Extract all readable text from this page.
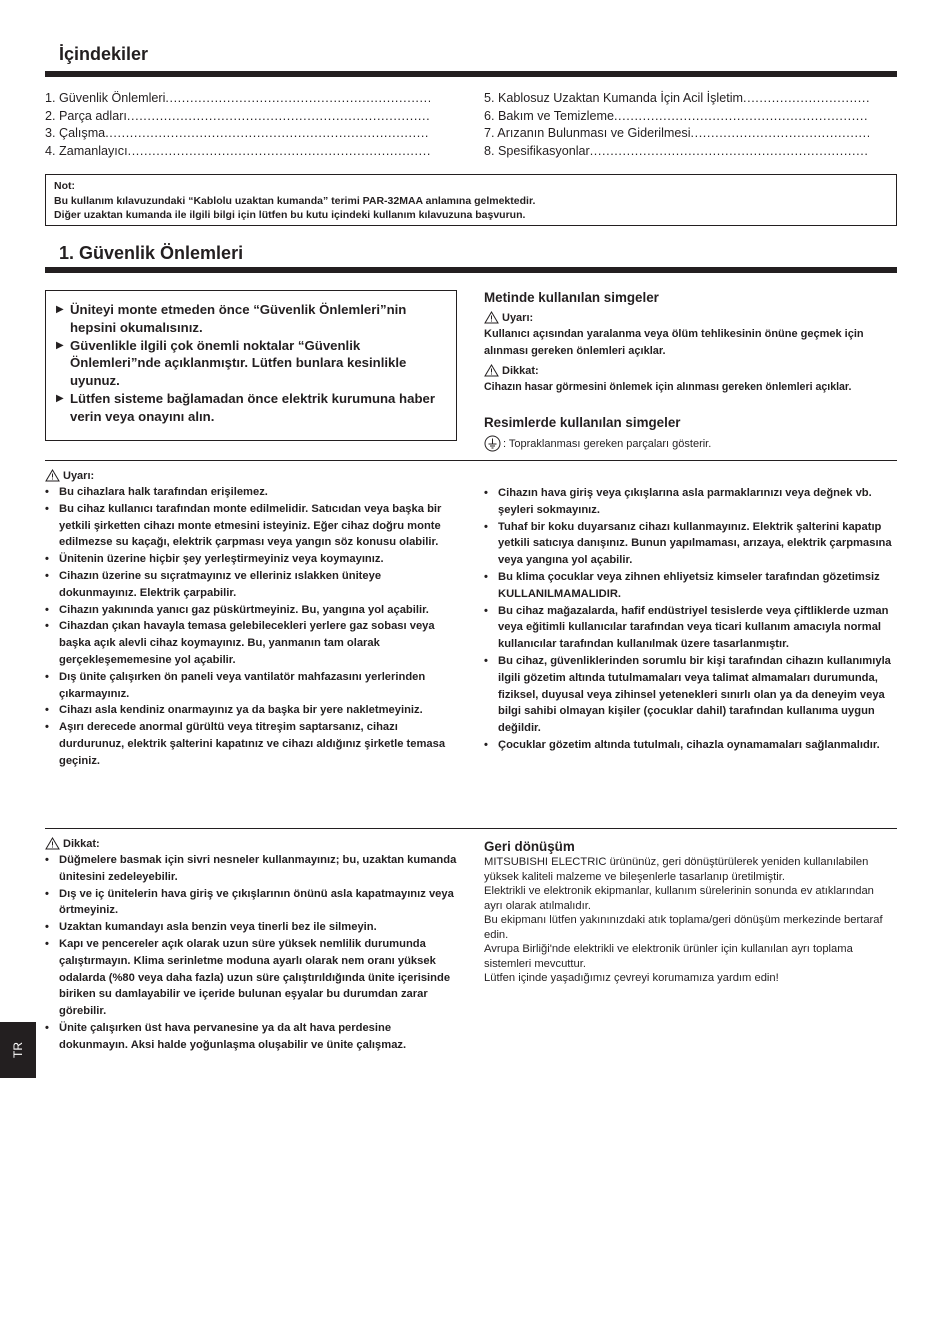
İçindekiler
1. Güvenlik Önlemleri
.....
2. Parça adları
.....
3. Çalışma
.....
4. Zamanlayıcı
.....
5. Kablosuz Uzaktan Kumanda İçin Acil İşletim
.....
6. Bakım ve Temizleme
.....
7. Arızanın Bulunması ve Giderilmesi
.....
8. Spesifikasyonlar
.....
Not:
Bu kullanım kılavuzundaki “Kablolu uzaktan kumanda” terimi PAR-32MAA anlamına gelmektedir.
Diğer uzaktan kumanda ile ilgili bilgi için lütfen bu kutu içindeki kullanım kılavuzuna başvurun.
1. Güvenlik Önlemleri
▶ Üniteyi monte etmeden önce “Güvenlik Önlemleri”nin hepsini okumalısınız.
▶ Güvenlikle ilgili çok önemli noktalar “Güvenlik Önlemleri”nde açıklanmıştır. Lütfen bunlara kesinlikle uyunuz.
▶ Lütfen sisteme bağlamadan önce elektrik kurumuna haber verin veya onayını alın.
Metinde kullanılan simgeler
Uyarı:
Kullanıcı açısından yaralanma veya ölüm tehlikesinin önüne geçmek için alınması gereken önlemleri açıklar.
Dikkat:
Cihazın hasar görmesini önlemek için alınması gereken önlemleri açıklar.
Resimlerde kullanılan simgeler
: Topraklanması gereken parçaları gösterir.
Uyarı:
• Bu cihazlara halk tarafından erişilemez.
• Bu cihaz kullanıcı tarafından monte edilmelidir. Satıcıdan veya başka bir yetkili şirketten cihazı monte etmesini isteyiniz. Eğer cihaz doğru monte edilmezse su kaçağı, elektrik çarpması veya yangın söz konusu olabilir.
• Ünitenin üzerine hiçbir şey yerleştirmeyiniz veya koymayınız.
• Cihazın üzerine su sıçratmayınız ve elleriniz ıslakken üniteye dokunmayınız. Elektrik çarpabilir.
• Cihazın yakınında yanıcı gaz püskürtmeyiniz. Bu, yangına yol açabilir.
• Cihazdan çıkan havayla temasa gelebilecekleri yerlere gaz sobası veya başka açık alevli cihaz koymayınız. Bu, yanmanın tam olarak gerçekleşememesine yol açabilir.
• Dış ünite çalışırken ön paneli veya vantilatör mahfazasını yerlerinden çıkarmayınız.
• Cihazı asla kendiniz onarmayınız ya da başka bir yere nakletmeyiniz.
• Aşırı derecede anormal gürültü veya titreşim saptarsanız, cihazı durdurunuz, elektrik şalterini kapatınız ve cihazı aldığınız şirketle temasa geçiniz.
• Cihazın hava giriş veya çıkışlarına asla parmaklarınızı veya değnek vb. şeyleri sokmayınız.
• Tuhaf bir koku duyarsanız cihazı kullanmayınız. Elektrik şalterini kapatıp yetkili satıcıya danışınız. Bunun yapılmaması, arızaya, elektrik çarpmasına veya yangına yol açabilir.
• Bu klima çocuklar veya zihnen ehliyetsiz kimseler tarafından gözetimsiz KULLANILMAMALIDIR.
• Bu cihaz mağazalarda, hafif endüstriyel tesislerde veya çiftliklerde uzman veya eğitimli kullanıcılar tarafından veya ticari kullanım amacıyla normal kullanıcılar tarafından kullanılmak üzere tasarlanmıştır.
• Bu cihaz, güvenliklerinden sorumlu bir kişi tarafından cihazın kullanımıyla ilgili gözetim altında tutulmamaları veya talimat almamaları durumunda, fiziksel, duyusal veya zihinsel yetenekleri sınırlı olan ya da deneyim veya bilgi sahibi olmayan kişiler (çocuklar dahil) tarafından kullanıma uygun değildir.
• Çocuklar gözetim altında tutulmalı, cihazla oynamamaları sağlanmalıdır.
Dikkat:
• Düğmelere basmak için sivri nesneler kullanmayınız; bu, uzaktan kumanda ünitesini zedeleyebilir.
• Dış ve iç ünitelerin hava giriş ve çıkışlarının önünü asla kapatmayınız veya örtmeyiniz.
• Uzaktan kumandayı asla benzin veya tinerli bez ile silmeyin.
• Kapı ve pencereler açık olarak uzun süre yüksek nemlilik durumunda çalıştırmayın. Klima serinletme moduna ayarlı olarak nem oranı yüksek odalarda (%80 veya daha fazla) uzun süre çalıştırıldığında ünite içerisinde biriken su damlayabilir ve içeride bulunan eşyalar bu durumdan zarar görebilir.
• Ünite çalışırken üst hava pervanesine ya da alt hava perdesine dokunmayın. Aksi halde yoğunlaşma oluşabilir ve ünite çalışmaz.
Geri dönüşüm
MITSUBISHI ELECTRIC ürününüz, geri dönüştürülerek yeniden kullanılabilen yüksek kaliteli malzeme ve bileşenlerle tasarlanıp üretilmiştir.
Elektrikli ve elektronik ekipmanlar, kullanım sürelerinin sonunda ev atıklarından ayrı olarak atılmalıdır.
Bu ekipmanı lütfen yakınınızdaki atık toplama/geri dönüşüm merkezinde bertaraf edin.
Avrupa Birliği'nde elektrikli ve elektronik ürünler için kullanılan ayrı toplama sistemleri mevcuttur.
Lütfen içinde yaşadığımız çevreyi korumamıza yardım edin!
TR
